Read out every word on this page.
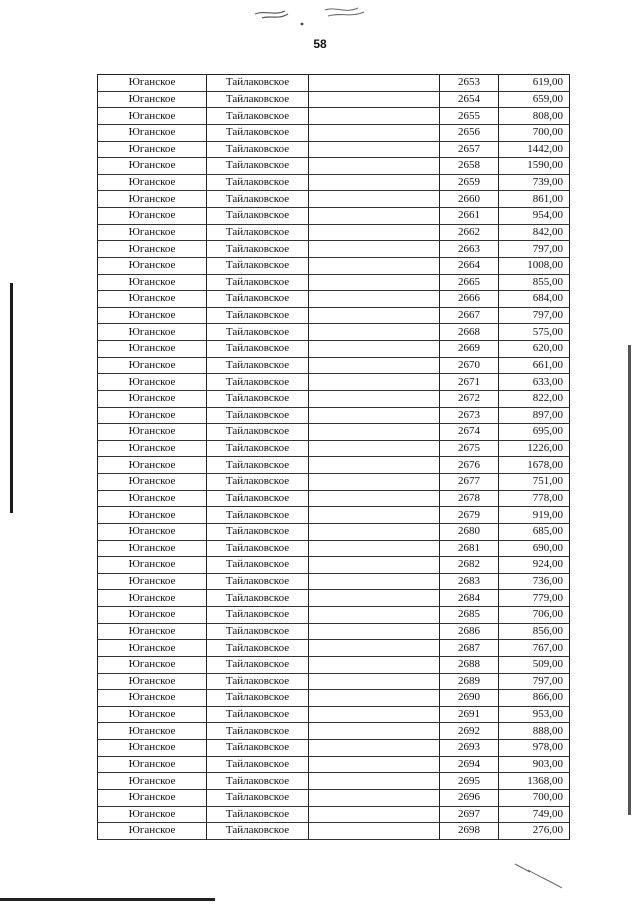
58
Юганское	Тайлаковское		2653	619,00
Юганское	Тайлаковское		2654	659,00
Юганское	Тайлаковское		2655	808,00
Юганское	Тайлаковское		2656	700,00
Юганское	Тайлаковское		2657	1442,00
Юганское	Тайлаковское		2658	1590,00
Юганское	Тайлаковское		2659	739,00
Юганское	Тайлаковское		2660	861,00
Юганское	Тайлаковское		2661	954,00
Юганское	Тайлаковское		2662	842,00
Юганское	Тайлаковское		2663	797,00
Юганское	Тайлаковское		2664	1008,00
Юганское	Тайлаковское		2665	855,00
Юганское	Тайлаковское		2666	684,00
Юганское	Тайлаковское		2667	797,00
Юганское	Тайлаковское		2668	575,00
Юганское	Тайлаковское		2669	620,00
Юганское	Тайлаковское		2670	661,00
Юганское	Тайлаковское		2671	633,00
Юганское	Тайлаковское		2672	822,00
Юганское	Тайлаковское		2673	897,00
Юганское	Тайлаковское		2674	695,00
Юганское	Тайлаковское		2675	1226,00
Юганское	Тайлаковское		2676	1678,00
Юганское	Тайлаковское		2677	751,00
Юганское	Тайлаковское		2678	778,00
Юганское	Тайлаковское		2679	919,00
Юганское	Тайлаковское		2680	685,00
Юганское	Тайлаковское		2681	690,00
Юганское	Тайлаковское		2682	924,00
Юганское	Тайлаковское		2683	736,00
Юганское	Тайлаковское		2684	779,00
Юганское	Тайлаковское		2685	706,00
Юганское	Тайлаковское		2686	856,00
Юганское	Тайлаковское		2687	767,00
Юганское	Тайлаковское		2688	509,00
Юганское	Тайлаковское		2689	797,00
Юганское	Тайлаковское		2690	866,00
Юганское	Тайлаковское		2691	953,00
Юганское	Тайлаковское		2692	888,00
Юганское	Тайлаковское		2693	978,00
Юганское	Тайлаковское		2694	903,00
Юганское	Тайлаковское		2695	1368,00
Юганское	Тайлаковское		2696	700,00
Юганское	Тайлаковское		2697	749,00
Юганское	Тайлаковское		2698	276,00
